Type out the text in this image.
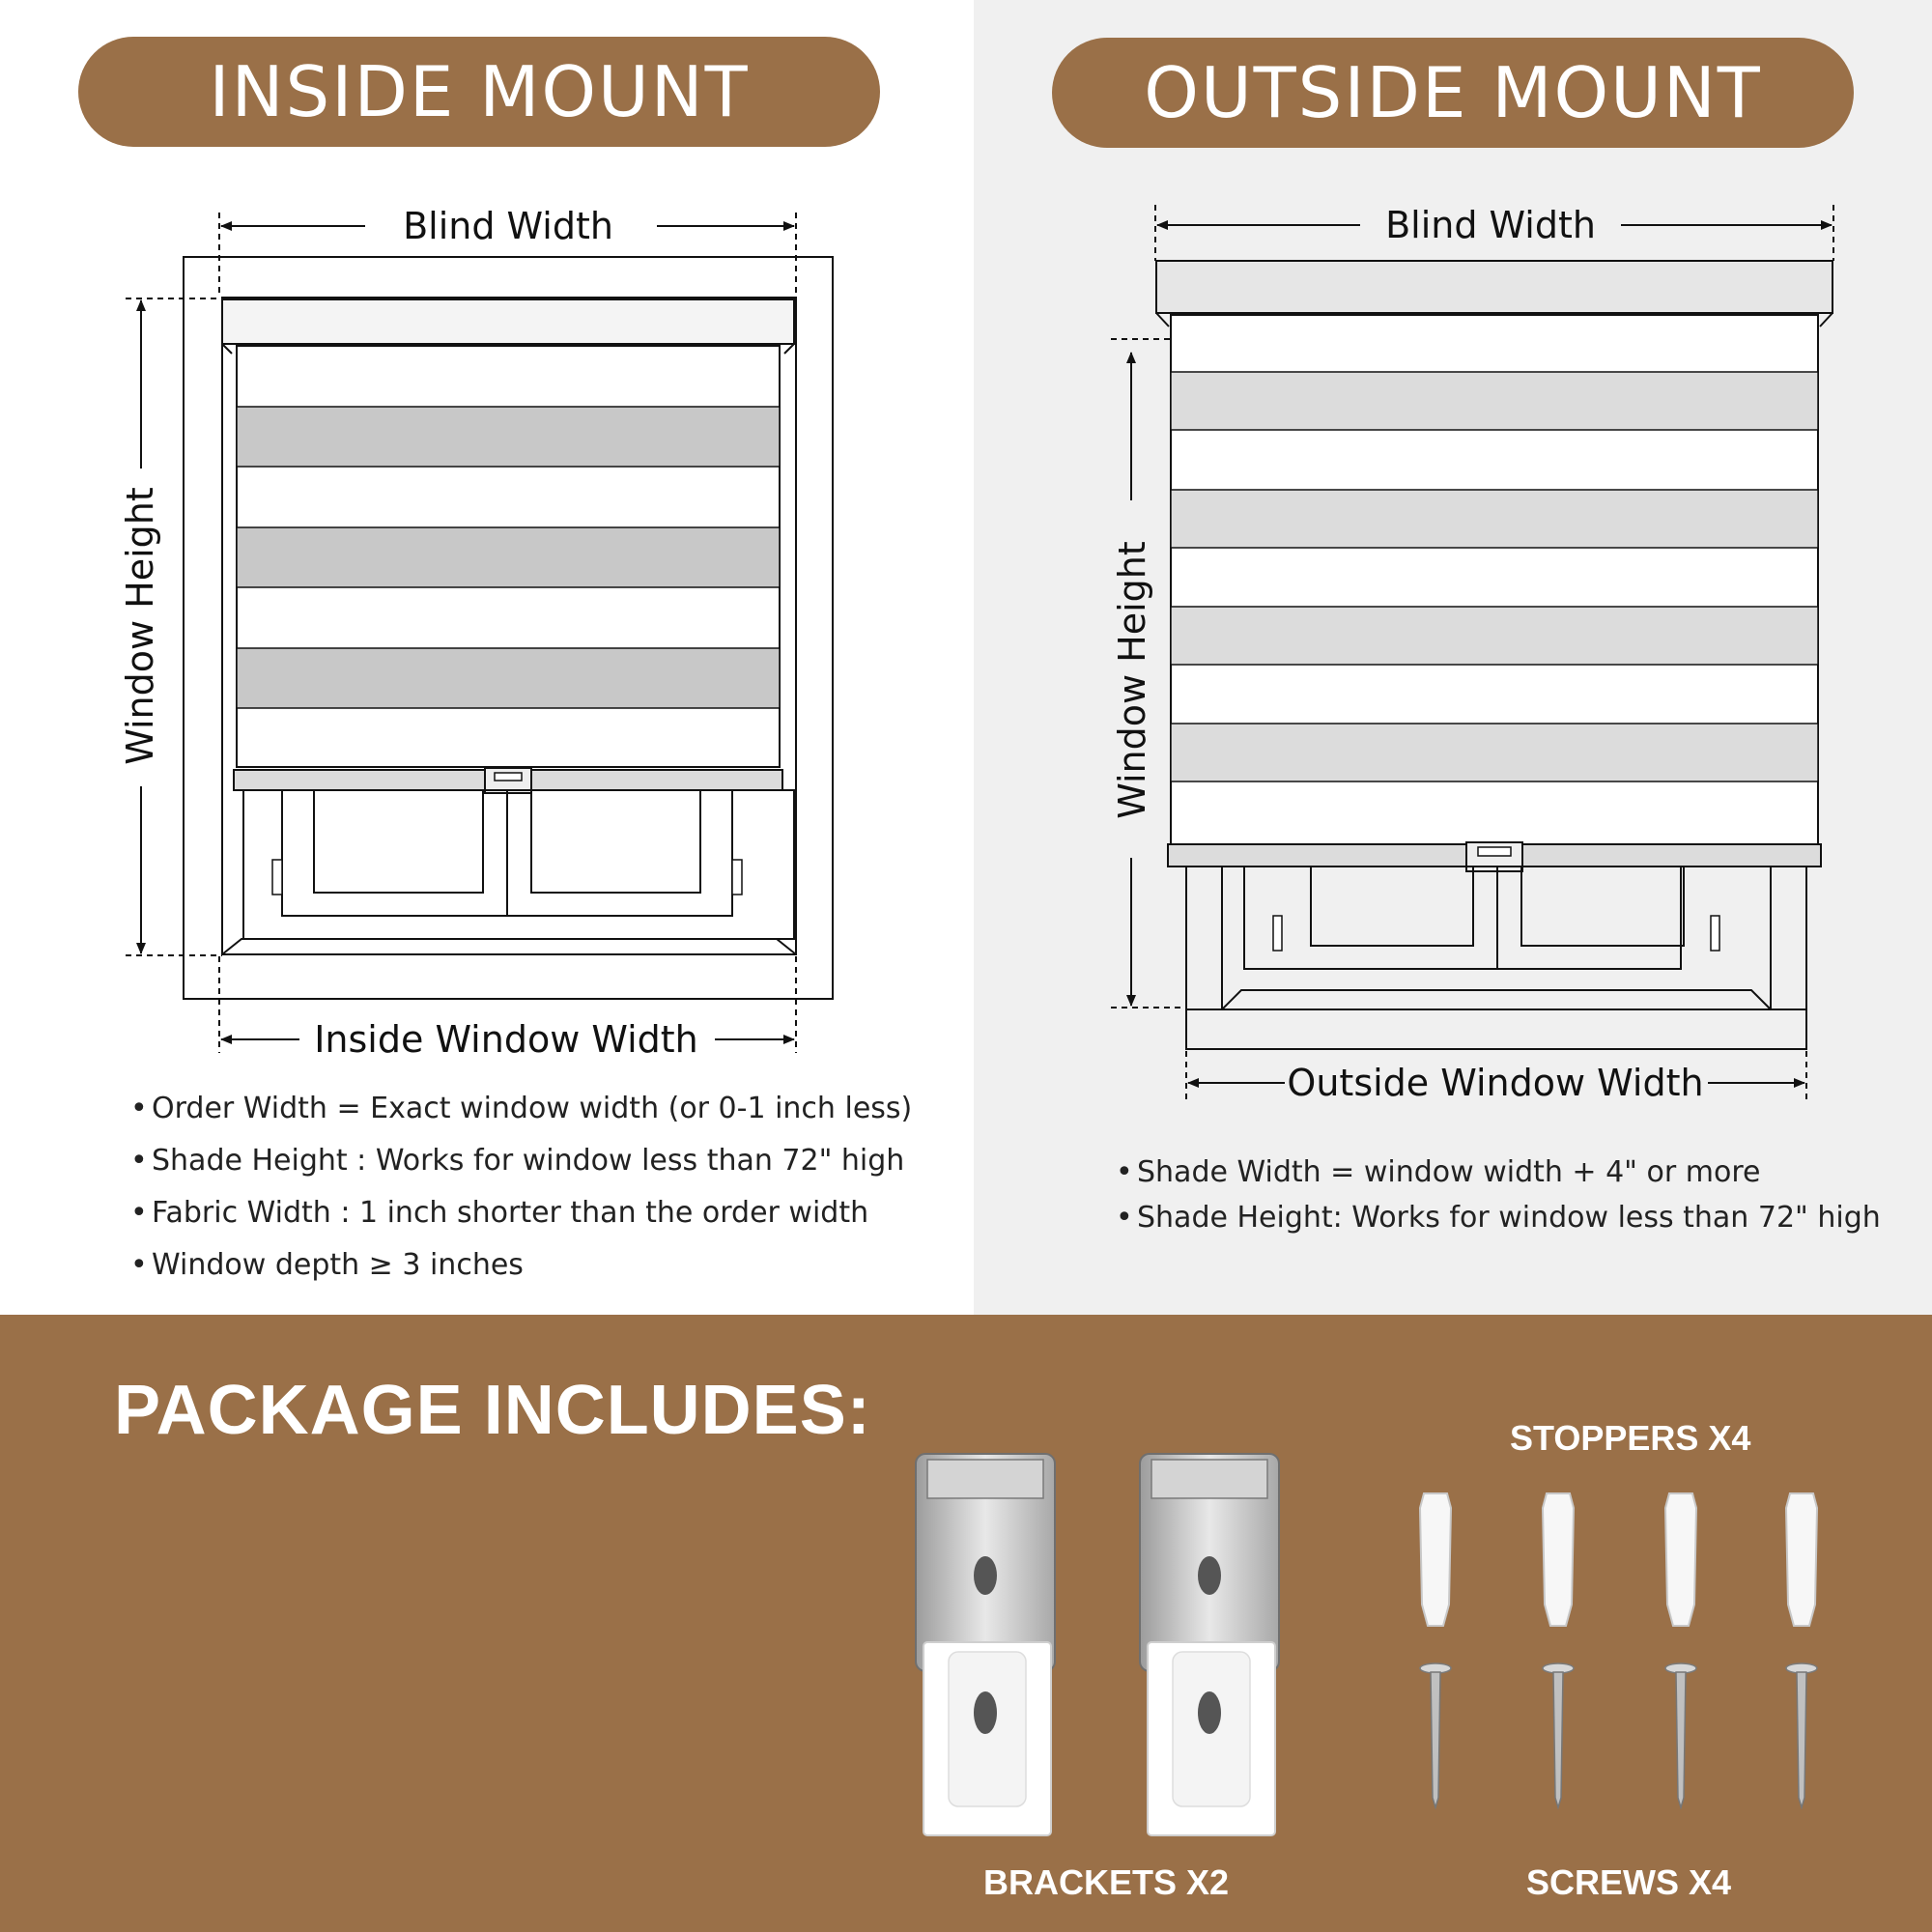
INSIDE MOUNT	OUTSIDE MOUNT
Blind Width
Window Height
Inside Window Width
Blind Width
Window Height
Outside Window Width
• Order Width = Exact window width (or 0-1 inch less)
• Shade Height : Works for window less than 72" high
• Fabric Width : 1 inch shorter than the order width
• Window depth ≥ 3 inches
• Shade Width = window width + 4" or more
• Shade Height: Works for window less than 72" high
PACKAGE INCLUDES:	STOPPERS X4
BRACKETS X2	SCREWS X4
